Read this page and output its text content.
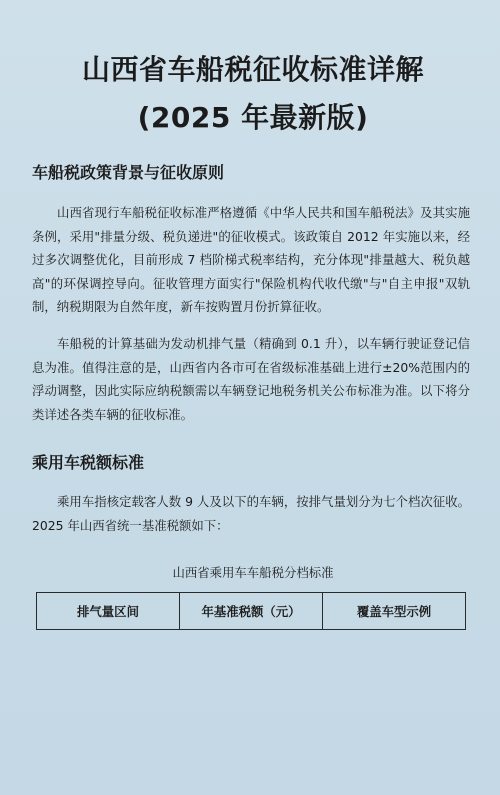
山西省车船税征收标准详解
(2025 年最新版)
车船税政策背景与征收原则

山西省现行车船税征收标准严格遵循《中华人民共和国车船税法》及其实施条例，采用"排量分级、税负递进"的征收模式。该政策自 2012 年实施以来，经过多次调整优化，目前形成 7 档阶梯式税率结构，充分体现"排量越大、税负越高"的环保调控导向。征收管理方面实行"保险机构代收代缴"与"自主申报"双轨制，纳税期限为自然年度，新车按购置月份折算征收。

车船税的计算基础为发动机排气量（精确到 0.1 升），以车辆行驶证登记信息为准。值得注意的是，山西省内各市可在省级标准基础上进行±20%范围内的浮动调整，因此实际应纳税额需以车辆登记地税务机关公布标准为准。以下将分类详述各类车辆的征收标准。

乘用车税额标准

乘用车指核定载客人数 9 人及以下的车辆，按排气量划分为七个档次征收。2025 年山西省统一基准税额如下：

山西省乘用车车船税分档标准
排气量区间	年基准税额（元）	覆盖车型示例
